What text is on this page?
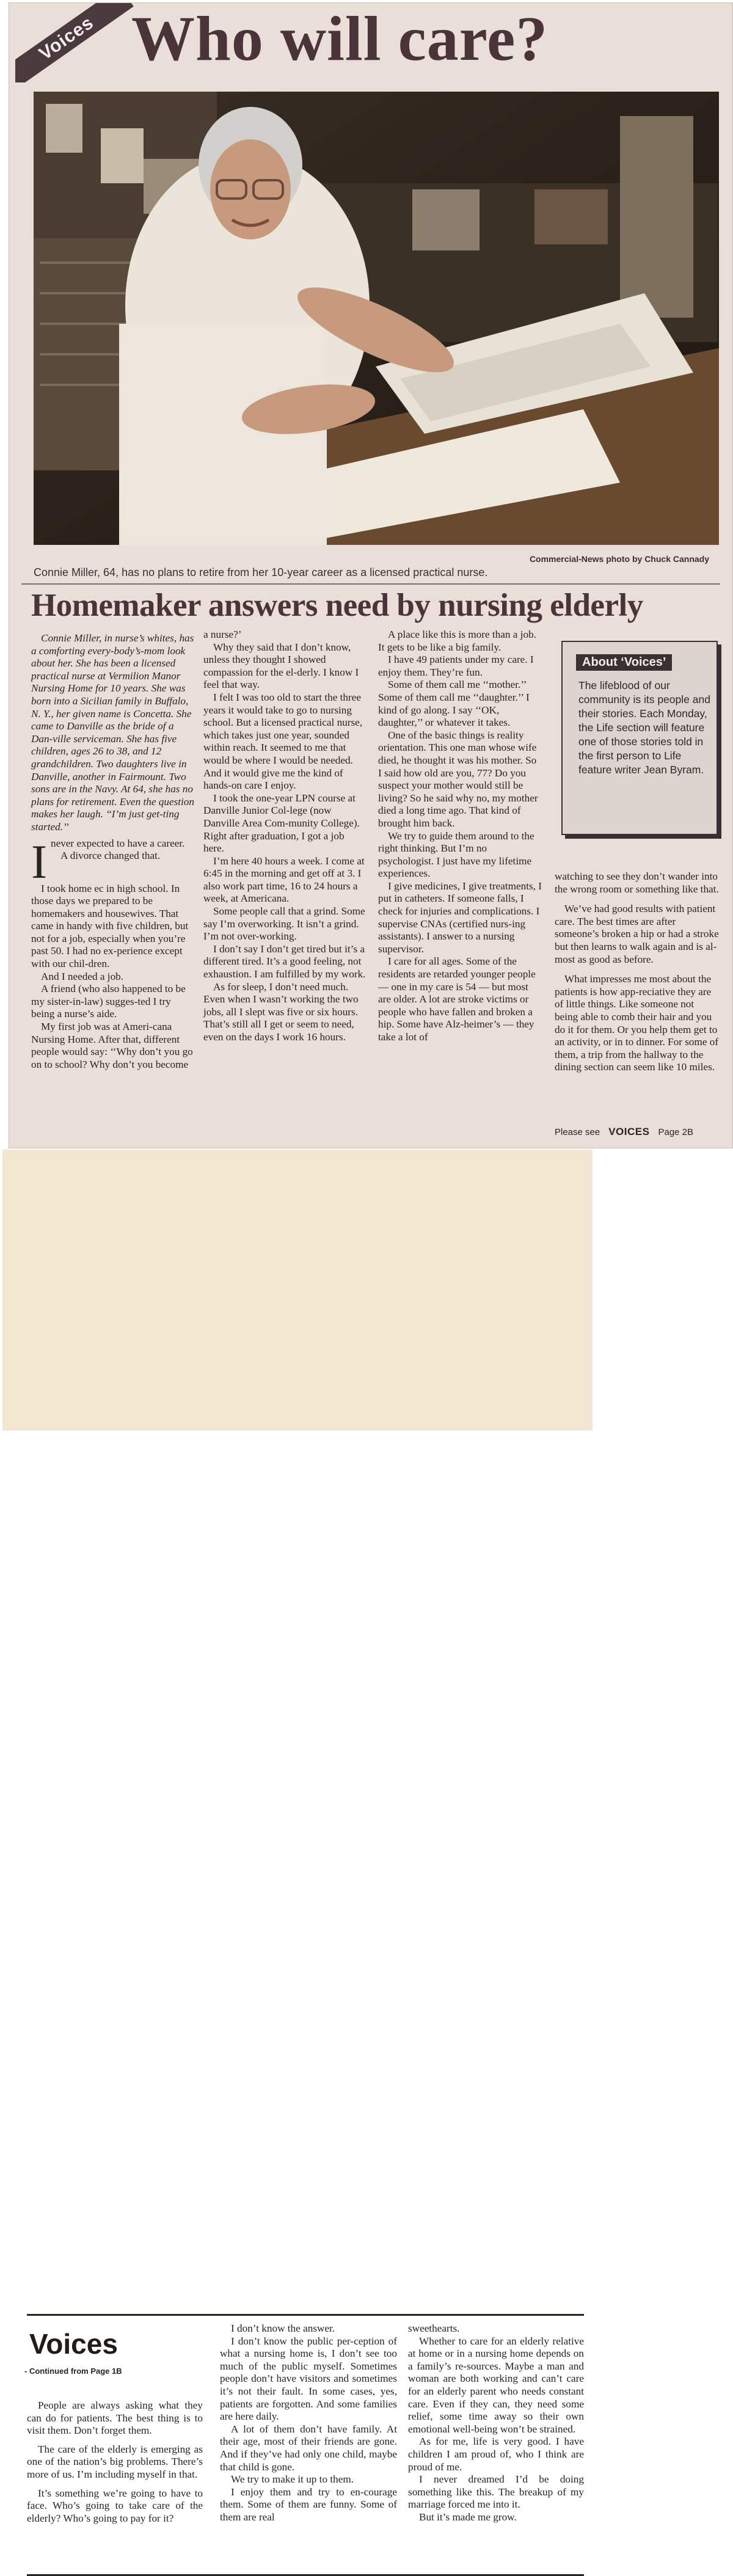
Voices Who will care?
Commercial-News photo by Chuck Cannady
Connie Miller, 64, has no plans to retire from her 10-year career as a licensed practical nurse.
Homemaker answers need by nursing elderly

Connie Miller, in nurse’s whites, has a comforting every-body’s-mom look about her. She has been a licensed practical nurse at Vermilion Manor Nursing Home for 10 years. She was born into a Sicilian family in Buffalo, N. Y., her given name is Concetta. She came to Danville as the bride of a Dan-ville serviceman. She has five children, ages 26 to 38, and 12 grandchildren. Two daughters live in Danville, another in Fairmount. Two sons are in the Navy. At 64, she has no plans for retirement. Even the question makes her laugh. ‘‘I’m just get-ting started.’’

Inever expected to have a career.

A divorce changed that.

I took home ec in high school. In those days we prepared to be homemakers and housewives. That came in handy with five children, but not for a job, especially when you’re past 50. I had no ex-perience except with our chil-dren.

And I needed a job.

A friend (who also happened to be my sister-in-law) sugges-ted I try being a nurse’s aide.

My first job was at Ameri-cana Nursing Home. After that, different people would say: ‘‘Why don’t you go on to school? Why don’t you become

a nurse?’

Why they said that I don’t know, unless they thought I showed compassion for the el-derly. I know I feel that way.

I felt I was too old to start the three years it would take to go to nursing school. But a licensed practical nurse, which takes just one year, sounded within reach. It seemed to me that would be where I would be needed. And it would give me the kind of hands-on care I enjoy.

I took the one-year LPN course at Danville Junior Col-lege (now Danville Area Com-munity College). Right after graduation, I got a job here.

I’m here 40 hours a week. I come at 6:45 in the morning and get off at 3. I also work part time, 16 to 24 hours a week, at Americana.

Some people call that a grind. Some say I’m overworking. It isn’t a grind. I’m not over-working.

I don’t say I don’t get tired but it’s a different tired. It’s a good feeling, not exhaustion. I am fulfilled by my work.

As for sleep, I don’t need much. Even when I wasn’t working the two jobs, all I slept was five or six hours. That’s still all I get or seem to need, even on the days I work 16 hours.

A place like this is more than a job. It gets to be like a big family.

I have 49 patients under my care. I enjoy them. They’re fun.

Some of them call me ‘‘mother.’’ Some of them call me ‘‘daughter.’’ I kind of go along. I say ‘‘OK, daughter,’’ or whatever it takes.

One of the basic things is reality orientation. This one man whose wife died, he thought it was his mother. So I said how old are you, 77? Do you suspect your mother would still be living? So he said why no, my mother died a long time ago. That kind of brought him back.

We try to guide them around to the right thinking. But I’m no psychologist. I just have my lifetime experiences.

I give medicines, I give treatments, I put in catheters. If someone falls, I check for injuries and complications. I supervise CNAs (certified nurs-ing assistants). I answer to a nursing supervisor.

I care for all ages. Some of the residents are retarded younger people — one in my care is 54 — but most are older. A lot are stroke victims or people who have fallen and broken a hip. Some have Alz-heimer’s — they take a lot of

About ‘Voices’
The lifeblood of our community is its people and their stories. Each Monday, the Life section will feature one of those stories told in the first person to Life feature writer Jean Byram.

watching to see they don’t wander into the wrong room or something like that.

We’ve had good results with patient care. The best times are after someone’s broken a hip or had a stroke but then learns to walk again and is al-most as good as before.

What impresses me most about the patients is how app-reciative they are of little things. Like someone not being able to comb their hair and you do it for them. Or you help them get to an activity, or in to dinner. For some of them, a trip from the hallway to the dining section can seem like 10 miles.

Please see VOICES Page 2B
Voices
- Continued from Page 1B

People are always asking what they can do for patients. The best thing is to visit them. Don’t forget them.

The care of the elderly is emerging as one of the nation’s big problems. There’s more of us. I’m including myself in that.

It’s something we’re going to have to face. Who’s going to take care of the elderly? Who’s going to pay for it?

I don’t know the answer.

I don’t know the public per-ception of what a nursing home is, I don’t see too much of the public myself. Sometimes people don’t have visitors and sometimes it’s not their fault. In some cases, yes, patients are forgotten. And some families are here daily.

A lot of them don’t have family. At their age, most of their friends are gone. And if they’ve had only one child, maybe that child is gone.

We try to make it up to them.

I enjoy them and try to en-courage them. Some of them are funny. Some of them are real

sweethearts.

Whether to care for an elderly relative at home or in a nursing home depends on a family’s re-sources. Maybe a man and woman are both working and can’t care for an elderly parent who needs constant care. Even if they can, they need some relief, some time away so their own emotional well-being won’t be strained.

As for me, life is very good. I have children I am proud of, who I think are proud of me.

I never dreamed I’d be doing something like this. The breakup of my marriage forced me into it.

But it’s made me grow.
